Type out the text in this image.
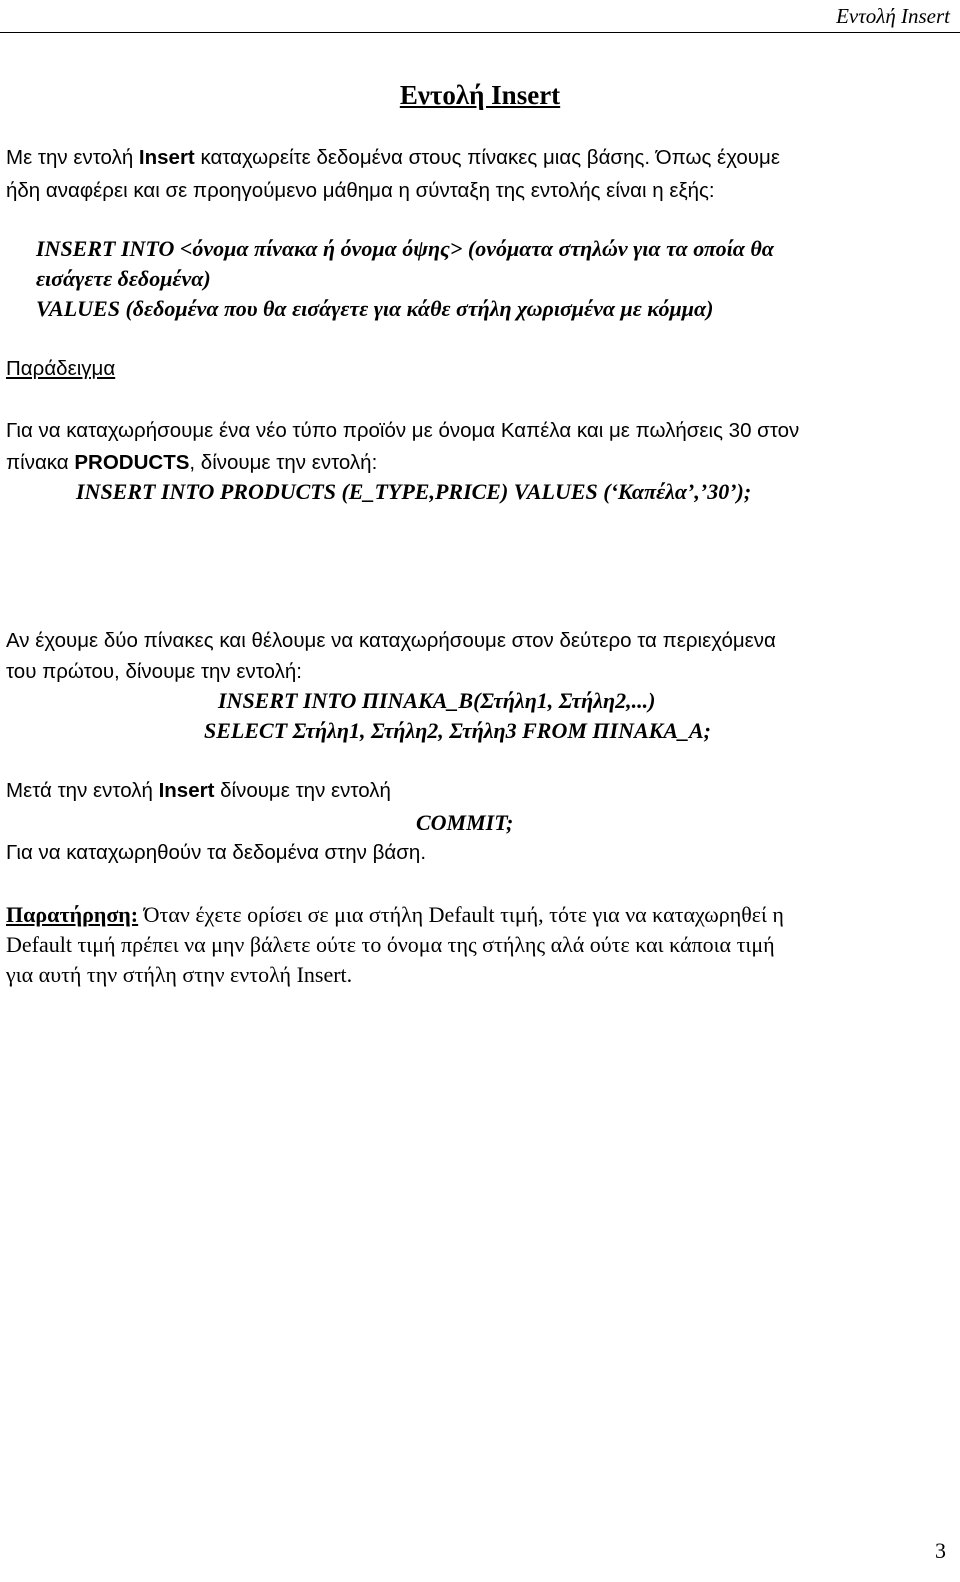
Εντολή Insert
Εντολή Insert
Με την εντολή Insert καταχωρείτε δεδομένα στους πίνακες μιας βάσης. Όπως έχουμε
ήδη αναφέρει και σε προηγούμενο μάθημα η σύνταξη της εντολής είναι η εξής:
INSERT INTO <όνομα πίνακα ή όνομα όψης> (ονόματα στηλών για τα οποία θα
εισάγετε δεδομένα)
VALUES (δεδομένα που θα εισάγετε για κάθε στήλη χωρισμένα με κόμμα)
Παράδειγμα
Για να καταχωρήσουμε ένα νέο τύπο προϊόν με όνομα Καπέλα και με πωλήσεις 30 στον
πίνακα PRODUCTS, δίνουμε την εντολή:
INSERT INTO PRODUCTS (E_TYPE,PRICE) VALUES (‘Καπέλα’,’30’);
Αν έχουμε δύο πίνακες και θέλουμε να καταχωρήσουμε στον δεύτερο τα περιεχόμενα
του πρώτου, δίνουμε την εντολή:
INSERT INTO ΠΙΝΑΚΑ_Β(Στήλη1, Στήλη2,...)
SELECT Στήλη1, Στήλη2, Στήλη3 FROM ΠΙΝΑΚΑ_Α;
Μετά την εντολή Insert δίνουμε την εντολή
COMMIT;
Για να καταχωρηθούν τα δεδομένα στην βάση.
Παρατήρηση: Όταν έχετε ορίσει σε μια στήλη Default τιμή, τότε για να καταχωρηθεί η
Default τιμή πρέπει να μην βάλετε ούτε το όνομα της στήλης αλά ούτε και κάποια τιμή
για αυτή την στήλη στην εντολή Insert.
3
